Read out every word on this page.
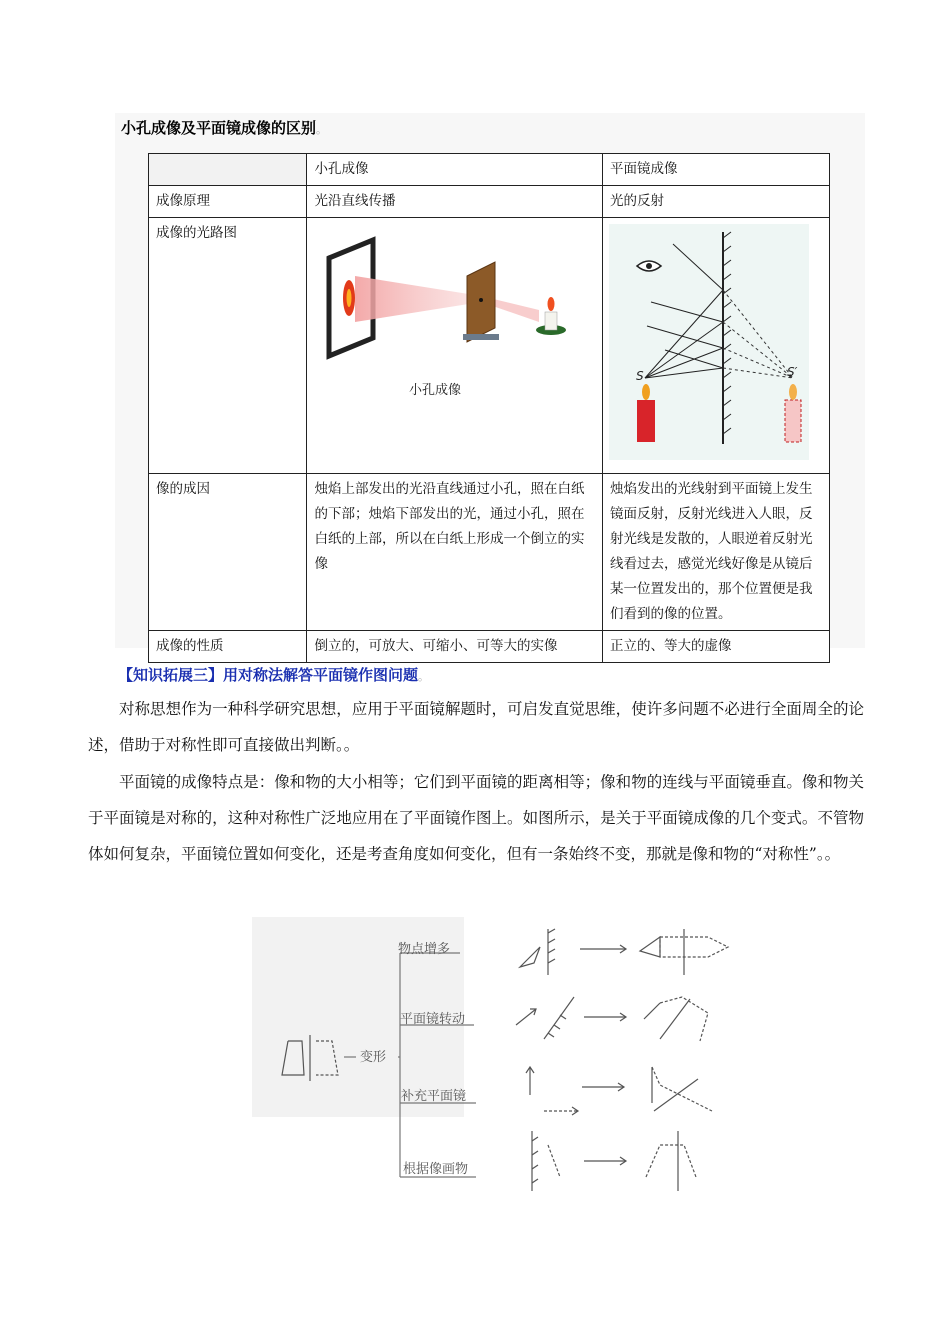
小孔成像及平面镜成像的区别。
	小孔成像	平面镜成像
成像原理	光沿直线传播	光的反射
成像的光路图	小孔成像	S S′

像的成因	烛焰上部发出的光沿直线通过小孔，照在白纸的下部；烛焰下部发出的光，通过小孔，照在白纸的上部，所以在白纸上形成一个倒立的实像	烛焰发出的光线射到平面镜上发生镜面反射，反射光线进入人眼，反射光线是发散的，人眼逆着反射光线看过去，感觉光线好像是从镜后某一位置发出的，那个位置便是我们看到的像的位置。
成像的性质	倒立的，可放大、可缩小、可等大的实像	正立的、等大的虚像
【知识拓展三】用对称法解答平面镜作图问题。

对称思想作为一种科学研究思想，应用于平面镜解题时，可启发直觉思维，使许多问题不必进行全面周全的论述，借助于对称性即可直接做出判断。。

平面镜的成像特点是：像和物的大小相等；它们到平面镜的距离相等；像和物的连线与平面镜垂直。像和物关于平面镜是对称的，这种对称性广泛地应用在了平面镜作图上。如图所示，是关于平面镜成像的几个变式。不管物体如何复杂，平面镜位置如何变化，还是考查角度如何变化，但有一条始终不变，那就是像和物的“对称性”。。

变形
物点增多
平面镜转动
补充平面镜
根据像画物
